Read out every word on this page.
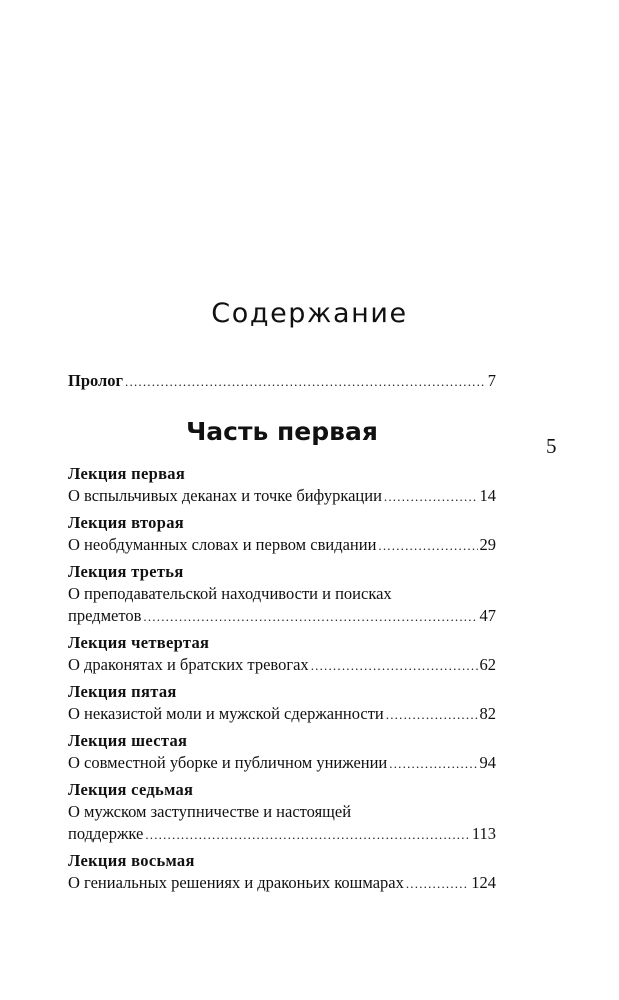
Содержание
5
Пролог .....	7
Часть первая
Лекция первая
О вспыльчивых деканах и точке бифуркации .....	14
Лекция вторая
О необдуманных словах и первом свидании .....	29
Лекция третья
О преподавательской находчивости и поисках
предметов .....	47
Лекция четвертая
О драконятах и братских тревогах .....	62
Лекция пятая
О неказистой моли и мужской сдержанности .....	82
Лекция шестая
О совместной уборке и публичном унижении .....	94
Лекция седьмая
О мужском заступничестве и настоящей
поддержке .....	113
Лекция восьмая
О гениальных решениях и драконьих кошмарах .....	124
